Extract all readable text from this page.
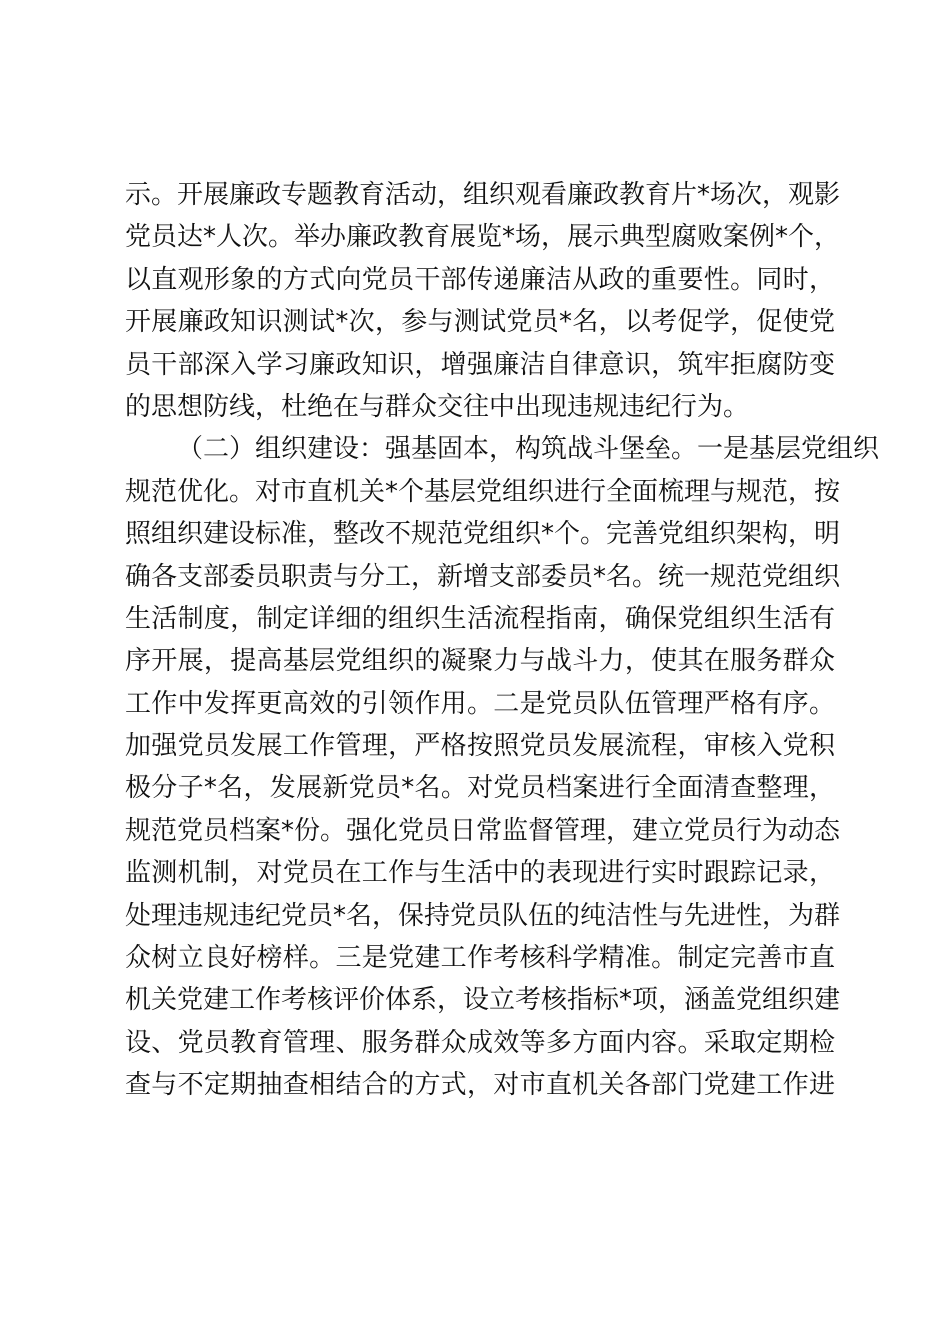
示。开展廉政专题教育活动，组织观看廉政教育片*场次，观影
党员达*人次。举办廉政教育展览*场，展示典型腐败案例*个，
以直观形象的方式向党员干部传递廉洁从政的重要性。同时，
开展廉政知识测试*次，参与测试党员*名，以考促学，促使党
员干部深入学习廉政知识，增强廉洁自律意识，筑牢拒腐防变
的思想防线，杜绝在与群众交往中出现违规违纪行为。
（二）组织建设：强基固本，构筑战斗堡垒。一是基层党组织
规范优化。对市直机关*个基层党组织进行全面梳理与规范，按
照组织建设标准，整改不规范党组织*个。完善党组织架构，明
确各支部委员职责与分工，新增支部委员*名。统一规范党组织
生活制度，制定详细的组织生活流程指南，确保党组织生活有
序开展，提高基层党组织的凝聚力与战斗力，使其在服务群众
工作中发挥更高效的引领作用。二是党员队伍管理严格有序。
加强党员发展工作管理，严格按照党员发展流程，审核入党积
极分子*名，发展新党员*名。对党员档案进行全面清查整理，
规范党员档案*份。强化党员日常监督管理，建立党员行为动态
监测机制，对党员在工作与生活中的表现进行实时跟踪记录，
处理违规违纪党员*名，保持党员队伍的纯洁性与先进性，为群
众树立良好榜样。三是党建工作考核科学精准。制定完善市直
机关党建工作考核评价体系，设立考核指标*项，涵盖党组织建
设、党员教育管理、服务群众成效等多方面内容。采取定期检
查与不定期抽查相结合的方式，对市直机关各部门党建工作进
